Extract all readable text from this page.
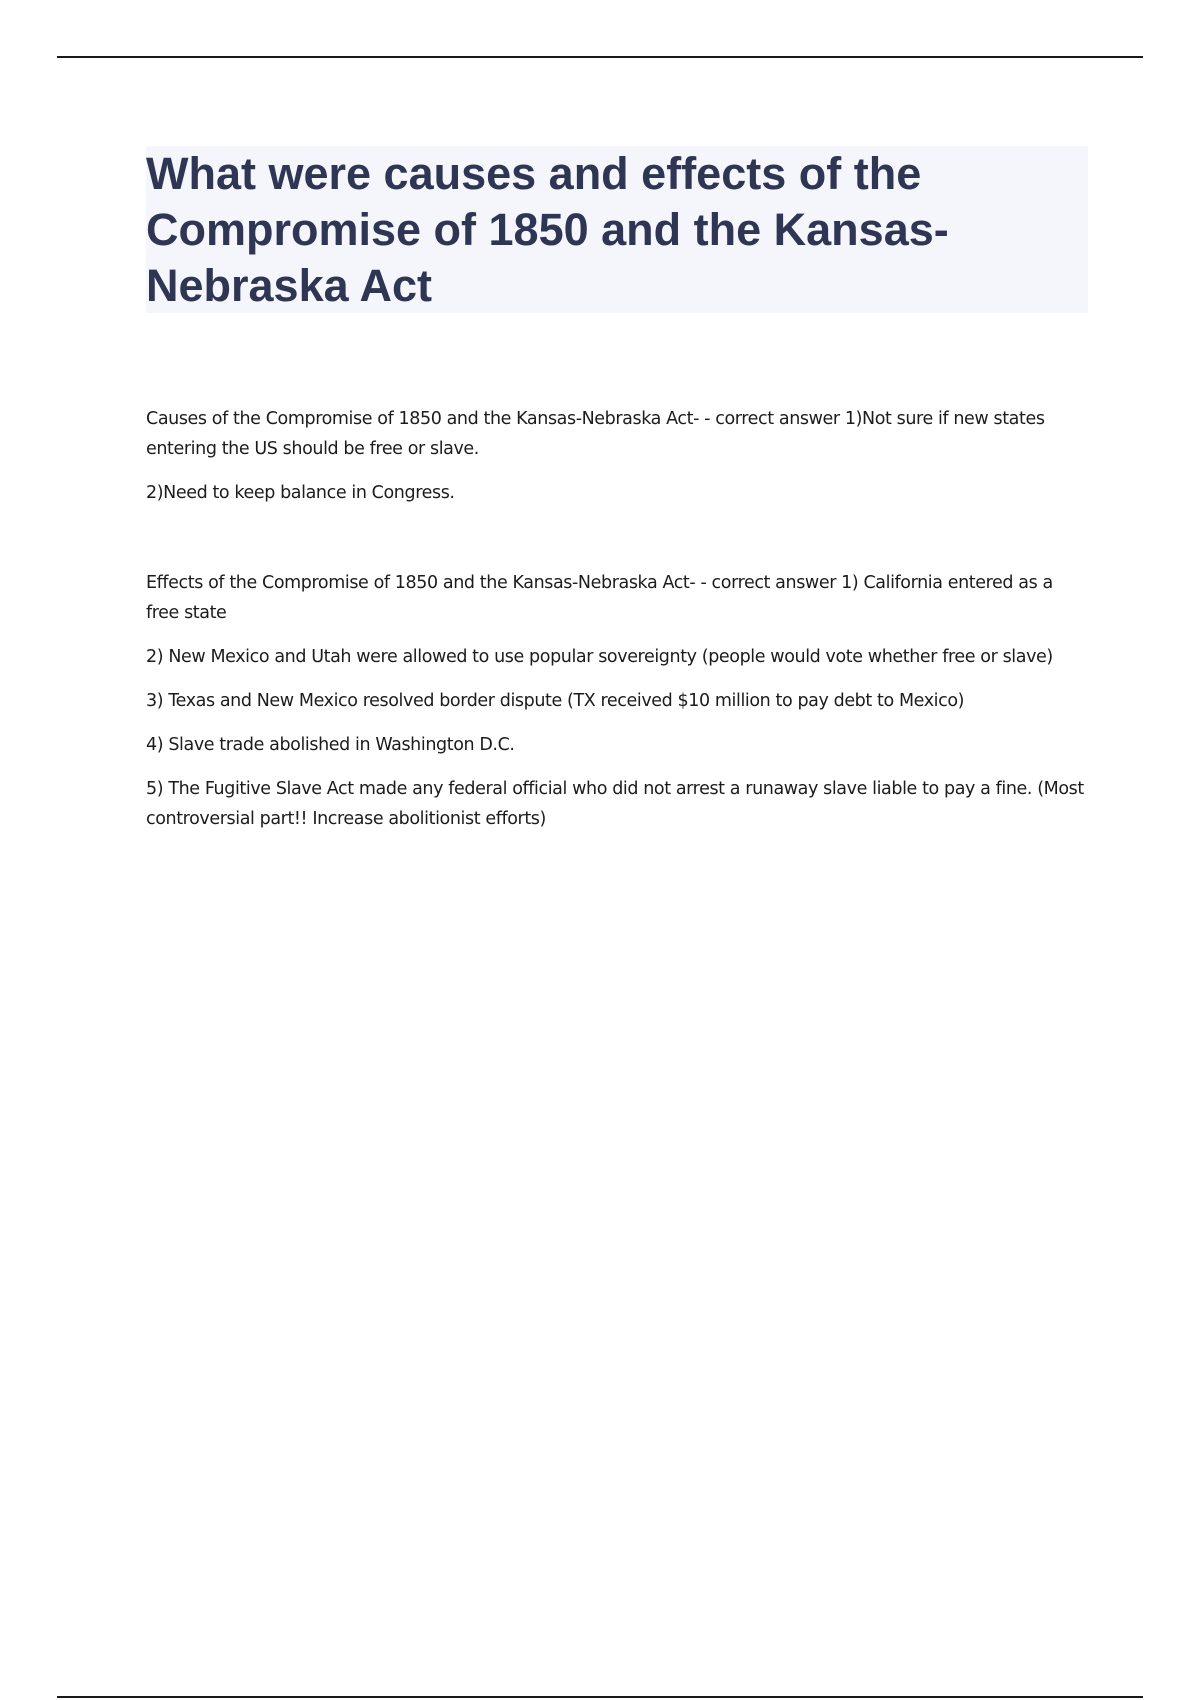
What were causes and effects of the Compromise of 1850 and the Kansas-Nebraska Act

Causes of the Compromise of 1850 and the Kansas-Nebraska Act- - correct answer 1)Not sure if new states entering the US should be free or slave.

2)Need to keep balance in Congress.

Effects of the Compromise of 1850 and the Kansas-Nebraska Act- - correct answer 1) California entered as a free state

2) New Mexico and Utah were allowed to use popular sovereignty (people would vote whether free or slave)

3) Texas and New Mexico resolved border dispute (TX received $10 million to pay debt to Mexico)

4) Slave trade abolished in Washington D.C.

5) The Fugitive Slave Act made any federal official who did not arrest a runaway slave liable to pay a fine. (Most controversial part!! Increase abolitionist efforts)
